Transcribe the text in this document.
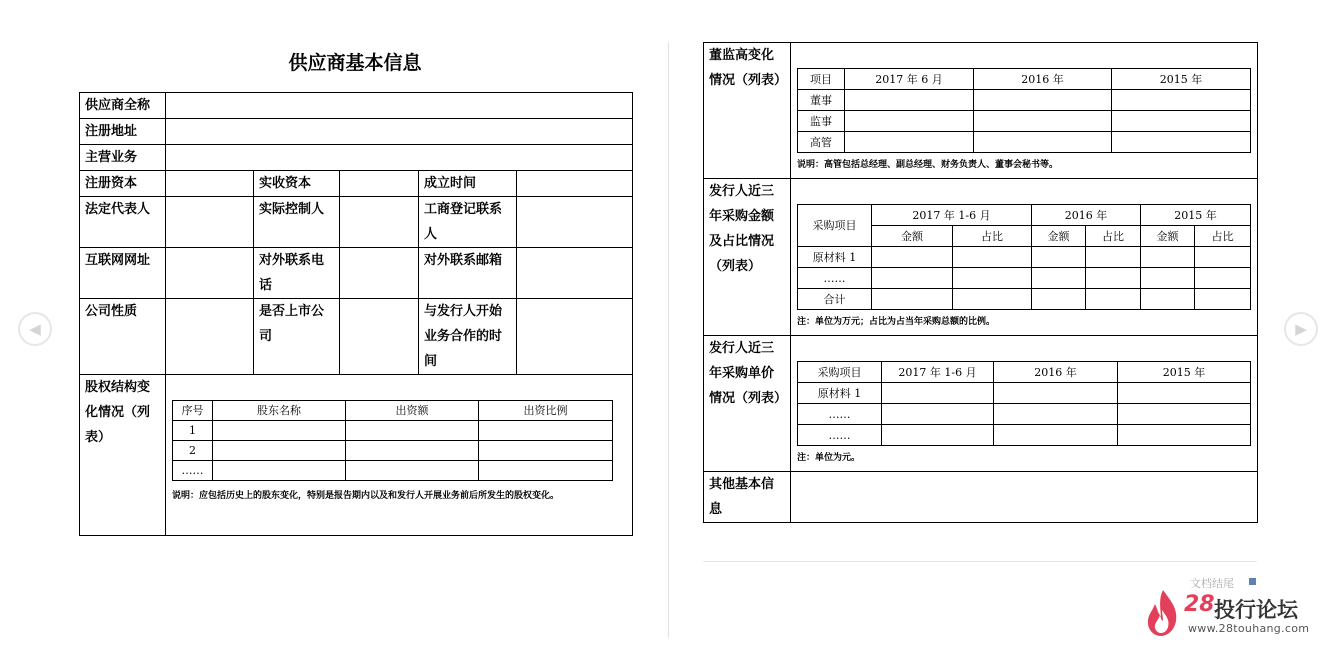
◀	▶
供应商基本信息
供应商全称	
注册地址	
主营业务	
注册资本		实收资本		成立时间	
法定代表人		实际控制人		工商登记联系人	
互联网网址		对外联系电话		对外联系邮箱	
公司性质		是否上市公司		与发行人开始业务合作的时间	
股权结构变化情况（列表）	
序号	股东名称	出资额	出资比例
1			
2			
……			
说明：应包括历史上的股东变化，特别是报告期内以及和发行人开展业务前后所发生的股权变化。
董监高变化情况（列表）	项目	2017 年 6 月	2016 年	2015 年
董事			
监事			
高管			
说明：高管包括总经理、副总经理、财务负责人、董事会秘书等。

发行人近三年采购金额及占比情况（列表）	
采购项目	2017 年 1-6 月	2016 年	2015 年
金额	占比	金额	占比	金额	占比
原材料 1						
……						
合计						
注：单位为万元；占比为占当年采购总额的比例。

发行人近三年采购单价情况（列表）	
采购项目	2017 年 1-6 月	2016 年	2015 年
原材料 1			
……			
……			
注：单位为元。

其他基本信息	
文档结尾
28 投行论坛
www.28touhang.com
